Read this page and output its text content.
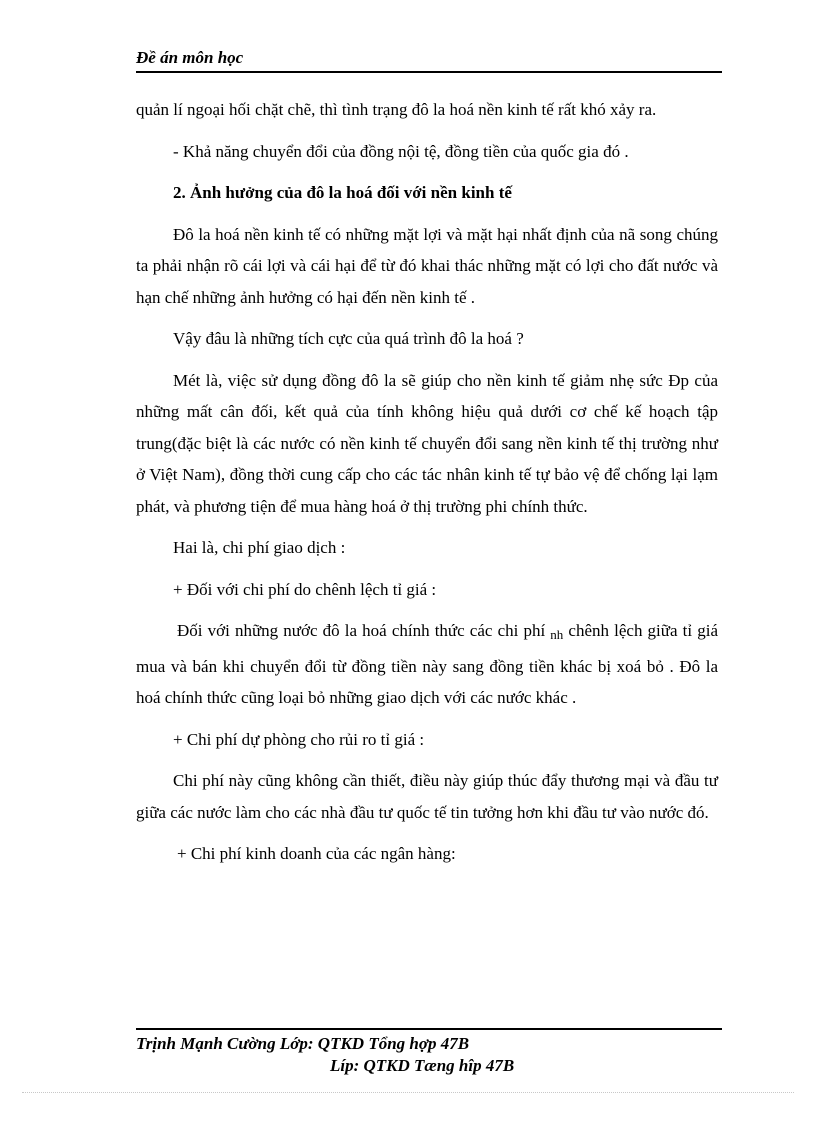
Đề án môn học

quản lí ngoại hối chặt chẽ, thì tình trạng đô la hoá nền kinh tế rất khó xảy ra.

- Khả năng chuyển đổi của đồng nội tệ, đồng tiền của quốc gia đó .

2. Ảnh hưởng của đô la hoá đối với nền kinh tế

Đô la hoá nền kinh tế có những mặt lợi và mặt hại nhất định của nã song chúng ta phải nhận rõ cái lợi và cái hại để từ đó khai thác những mặt có lợi cho đất nước và hạn chế những ảnh hưởng có hại đến nền kinh tế .

Vậy đâu là những tích cực của quá trình đô la hoá ?

Mét là, việc sử dụng đồng đô la sẽ giúp cho nền kinh tế giảm nhẹ sức Đp của những mất cân đối, kết quả của tính không hiệu quả dưới cơ chế kế hoạch tập trung(đặc biệt là các nước có nền kinh tế chuyển đổi sang nền kinh tế thị trường như ở Việt Nam), đồng thời cung cấp cho các tác nhân kinh tế tự bảo vệ để chống lại lạm phát, và phương tiện để mua hàng hoá ở thị trường phi chính thức.

Hai là, chi phí giao dịch :

+ Đối với chi phí do chênh lệch tỉ giá :

Đối với những nước đô la hoá chính thức các chi phí nh chênh lệch giữa tỉ giá mua và bán khi chuyển đổi từ đồng tiền này sang đồng tiền khác bị xoá bỏ . Đô la hoá chính thức cũng loại bỏ những giao dịch với các nước khác .

+ Chi phí dự phòng cho rủi ro tỉ giá :

Chi phí này cũng không cần thiết, điều này giúp thúc đẩy thương mại và đầu tư giữa các nước làm cho các nhà đầu tư quốc tế tin tưởng hơn khi đầu tư vào nước đó.

+ Chi phí kinh doanh của các ngân hàng:

Trịnh Mạnh Cường Lớp: QTKD Tổng hợp 47B
Líp: QTKD Tæng hîp 47B
